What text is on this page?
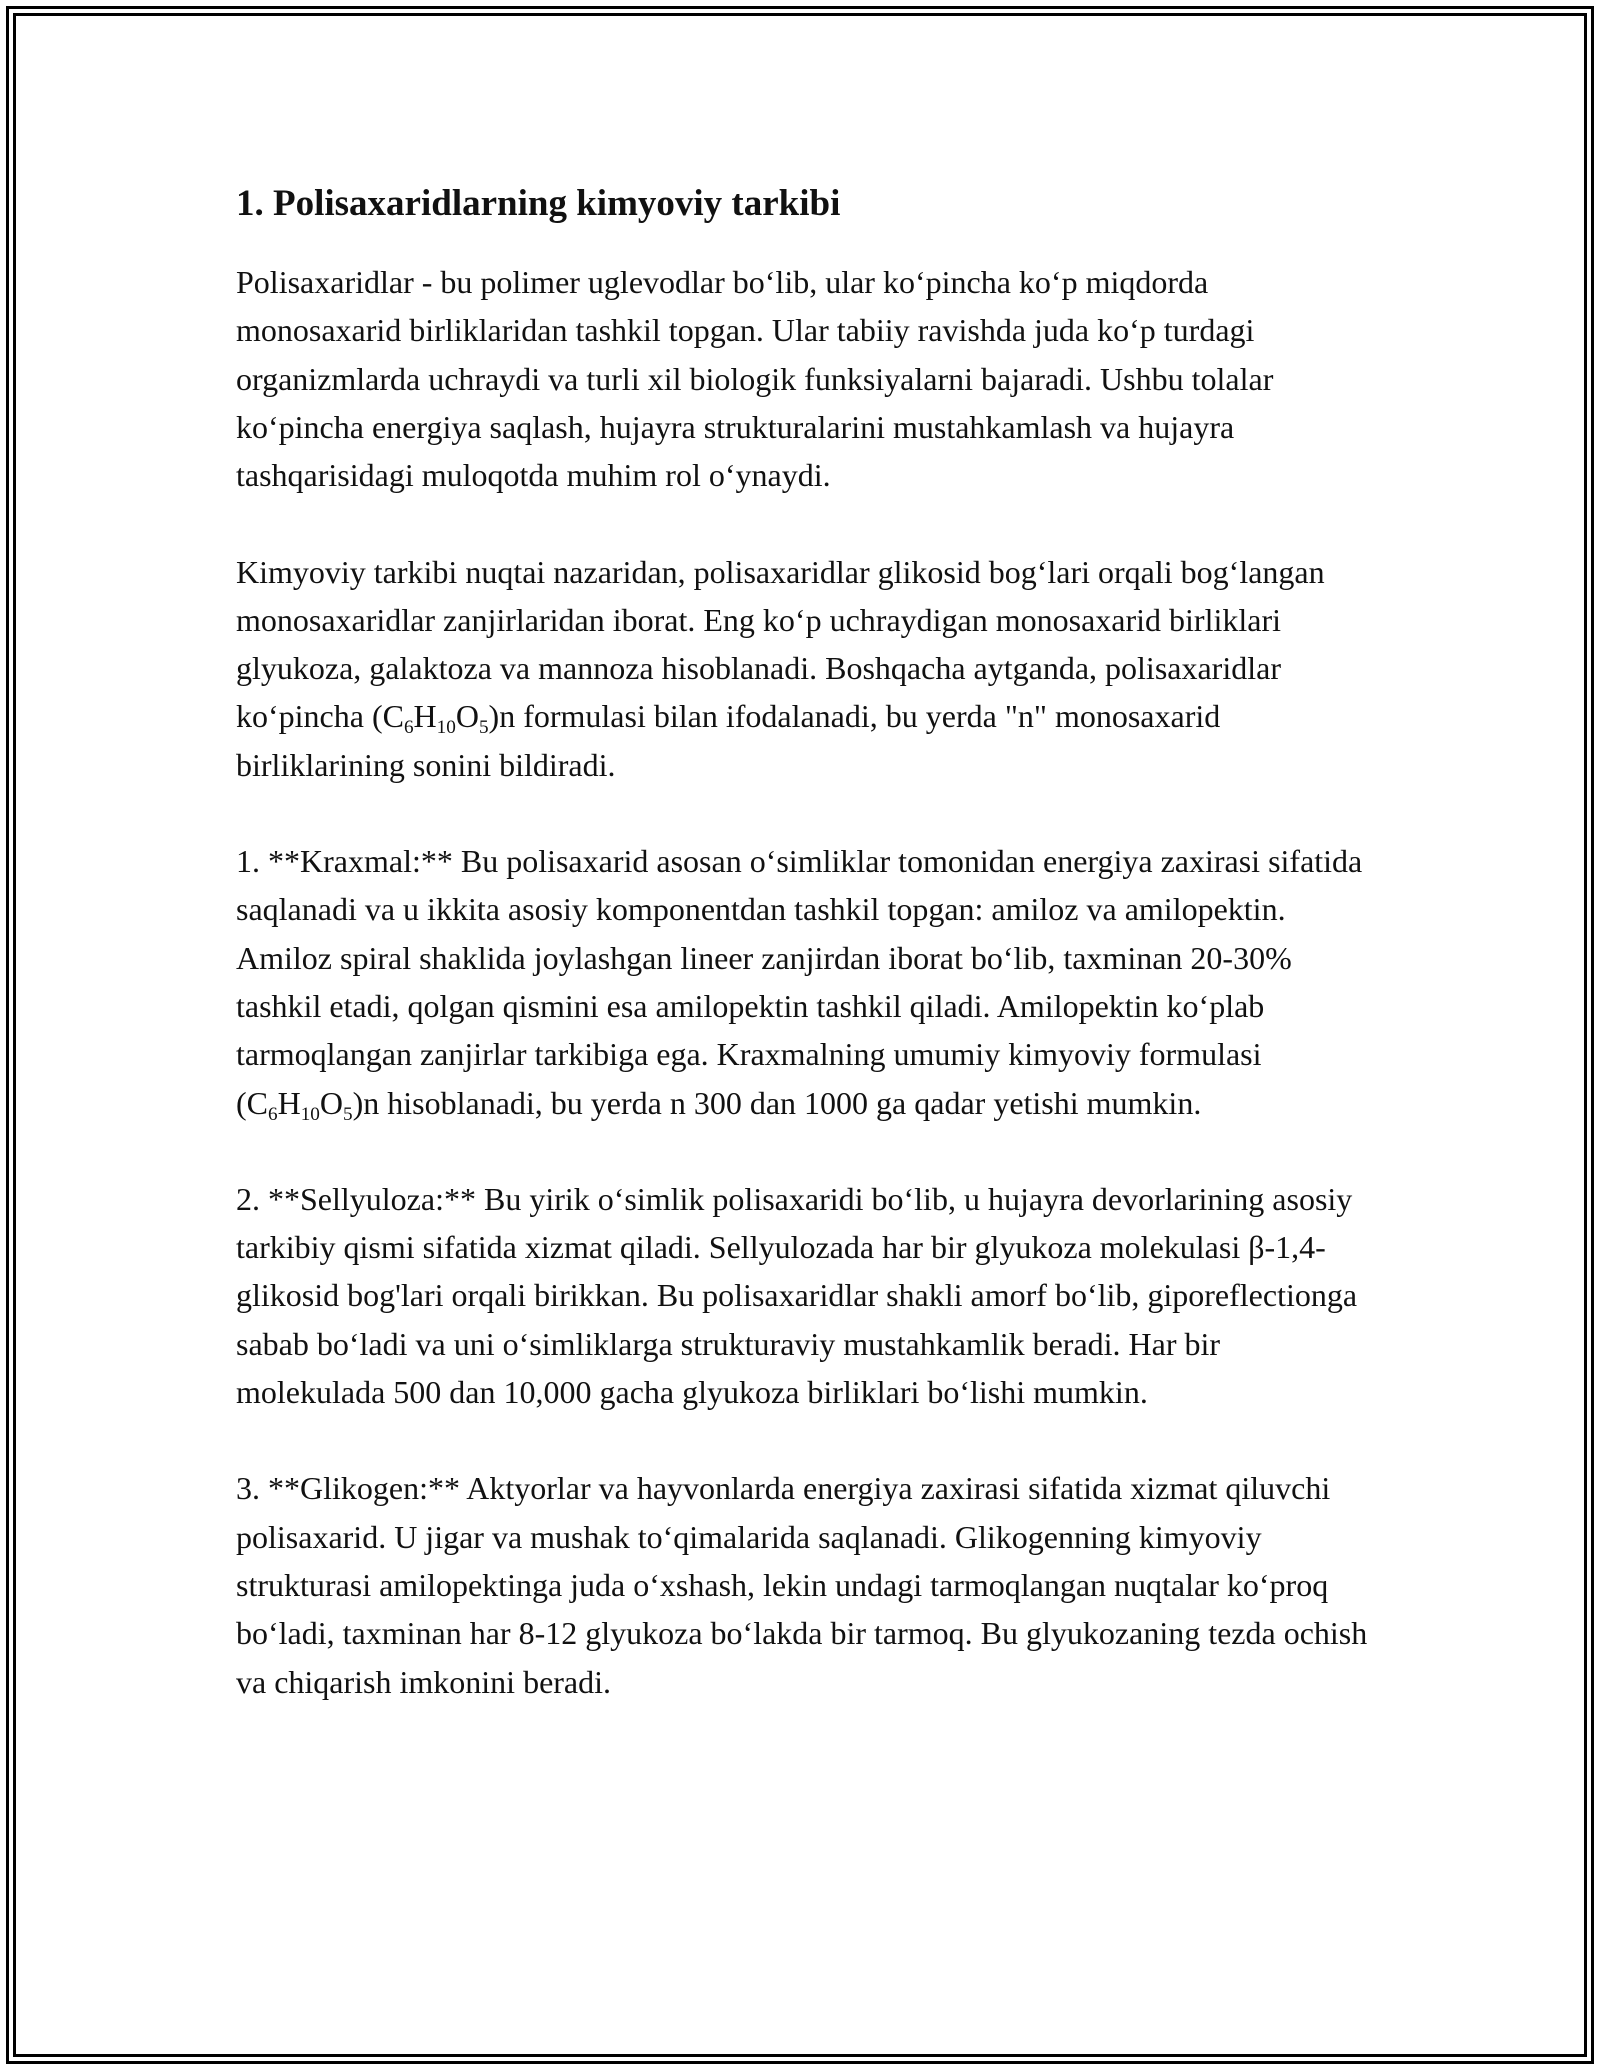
1. Polisaxaridlarning kimyoviy tarkibi

Polisaxaridlar - bu polimer uglevodlar bo‘lib, ular ko‘pincha ko‘p miqdorda monosaxarid birliklaridan tashkil topgan. Ular tabiiy ravishda juda ko‘p turdagi organizmlarda uchraydi va turli xil biologik funksiyalarni bajaradi. Ushbu tolalar ko‘pincha energiya saqlash, hujayra strukturalarini mustahkamlash va hujayra tashqarisidagi muloqotda muhim rol o‘ynaydi.

Kimyoviy tarkibi nuqtai nazaridan, polisaxaridlar glikosid bog‘lari orqali bog‘langan monosaxaridlar zanjirlaridan iborat. Eng ko‘p uchraydigan monosaxarid birliklari glyukoza, galaktoza va mannoza hisoblanadi. Boshqacha aytganda, polisaxaridlar ko‘pincha $(C_6H_{10}O_5)n$ formulasi bilan ifodalanadi, bu yerda "n" monosaxarid birliklarining sonini bildiradi.

1. **Kraxmal:** Bu polisaxarid asosan o‘simliklar tomonidan energiya zaxirasi sifatida saqlanadi va u ikkita asosiy komponentdan tashkil topgan: amiloz va amilopektin. Amiloz spiral shaklida joylashgan lineer zanjirdan iborat bo‘lib, taxminan 20-30% tashkil etadi, qolgan qismini esa amilopektin tashkil qiladi. Amilopektin ko‘plab tarmoqlangan zanjirlar tarkibiga ega. Kraxmalning umumiy kimyoviy formulasi $(C_6H_{10}O_5)n$ hisoblanadi, bu yerda n 300 dan 1000 ga qadar yetishi mumkin.

2. **Sellyuloza:** Bu yirik o‘simlik polisaxaridi bo‘lib, u hujayra devorlarining asosiy tarkibiy qismi sifatida xizmat qiladi. Sellyulozada har bir glyukoza molekulasi β-1,4-glikosid bog'lari orqali birikkan. Bu polisaxaridlar shakli amorf bo‘lib, giporeflectionga sabab bo‘ladi va uni o‘simliklarga strukturaviy mustahkamlik beradi. Har bir molekulada 500 dan 10,000 gacha glyukoza birliklari bo‘lishi mumkin.

3. **Glikogen:** Aktyorlar va hayvonlarda energiya zaxirasi sifatida xizmat qiluvchi polisaxarid. U jigar va mushak to‘qimalarida saqlanadi. Glikogenning kimyoviy strukturasi amilopektinga juda o‘xshash, lekin undagi tarmoqlangan nuqtalar ko‘proq bo‘ladi, taxminan har 8-12 glyukoza bo‘lakda bir tarmoq. Bu glyukozaning tezda ochish va chiqarish imkonini beradi.
